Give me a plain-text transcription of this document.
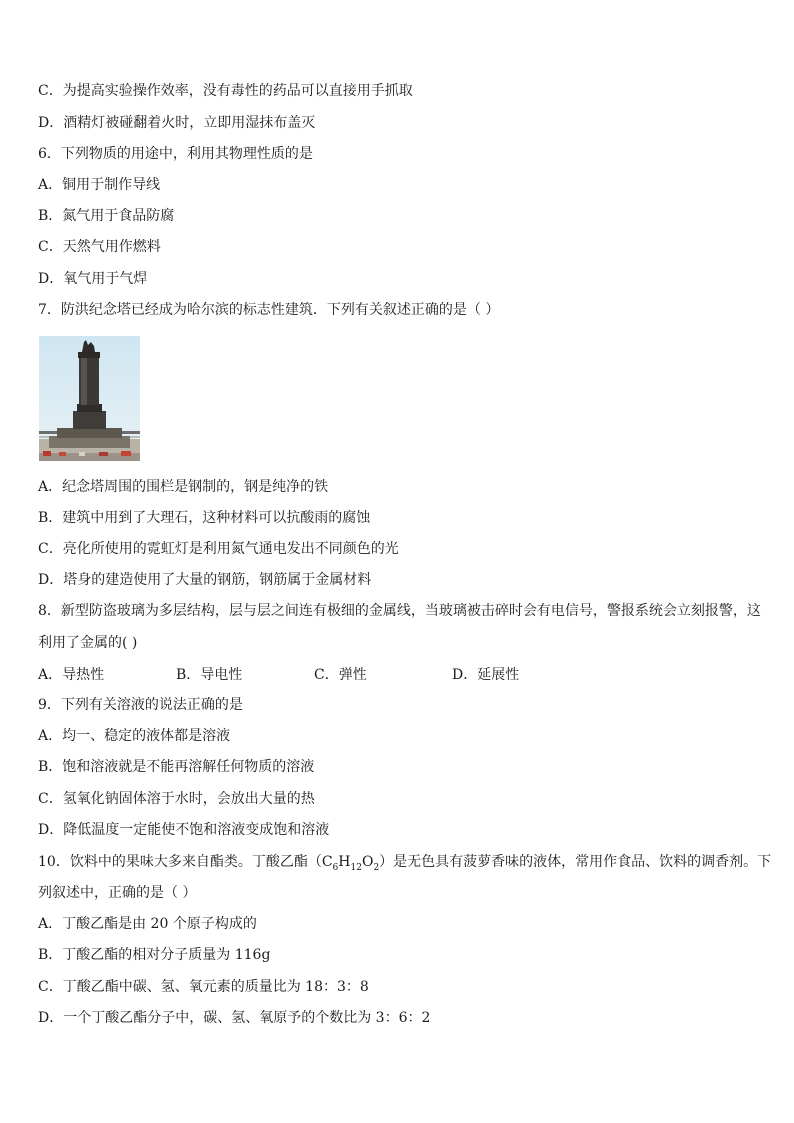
C．为提高实验操作效率，没有毒性的药品可以直接用手抓取
D．酒精灯被碰翻着火时，立即用湿抹布盖灭
6．下列物质的用途中，利用其物理性质的是
A．铜用于制作导线
B．氮气用于食品防腐
C．天然气用作燃料
D．氧气用于气焊
7．防洪纪念塔已经成为哈尔滨的标志性建筑．下列有关叙述正确的是（ ）
A．纪念塔周围的围栏是钢制的，钢是纯净的铁
B．建筑中用到了大理石，这种材料可以抗酸雨的腐蚀
C．亮化所使用的霓虹灯是利用氮气通电发出不同颜色的光
D．塔身的建造使用了大量的钢筋，钢筋属于金属材料
8．新型防盗玻璃为多层结构，层与层之间连有极细的金属线，当玻璃被击碎时会有电信号，警报系统会立刻报警，这
利用了金属的( )
A．导热性	B．导电性	C．弹性	D．延展性
9．下列有关溶液的说法正确的是
A．均一、稳定的液体都是溶液
B．饱和溶液就是不能再溶解任何物质的溶液
C．氢氧化钠固体溶于水时，会放出大量的热
D．降低温度一定能使不饱和溶液变成饱和溶液
10．饮料中的果味大多来自酯类。丁酸乙酯$(C_6H_{12}O_2)$是无色具有菠萝香味的液体，常用作食品、饮料的调香剂。下
列叙述中，正确的是（ ）
A．丁酸乙酯是由 20 个原子构成的
B．丁酸乙酯的相对分子质量为 116g
C．丁酸乙酯中碳、氢、氧元素的质量比为 18：3：8
D．一个丁酸乙酯分子中，碳、氢、氧原予的个数比为 3：6：2
